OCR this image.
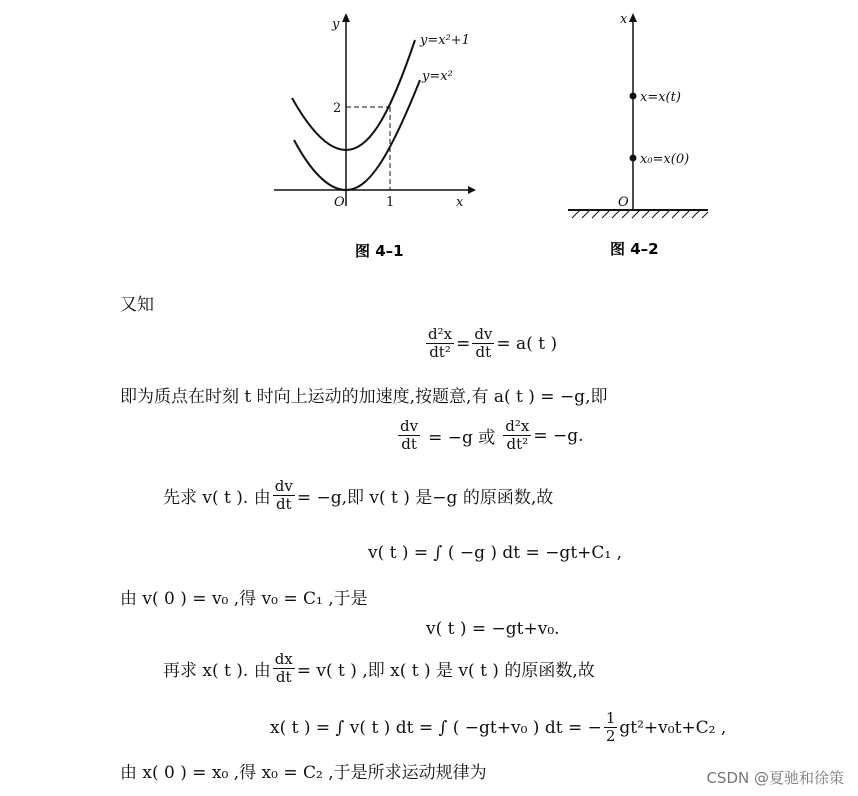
y
x
O
y=x²+1
y=x²
2
1
图 4–1
x
x=x(t)
x₀=x(0)
O
图 4–2
又知
$\frac{\text{d²x}}{\text{dt²}} = \frac{dv}{dt} = a$( t )
即为质点在时刻 t 时向上运动的加速度,按题意,有 a( t ) = −g,即
$\frac{dv}{dt} = -g$ 或 $\frac{\text{d²x}}{\text{dt²}} = -g$.
先求 v( t ). 由 $\frac{dv}{dt} = -g$,即 v( t ) 是−g 的原函数,故
v( t ) = ∫ ( −g ) dt = −gt+C₁ ,
由 v( 0 ) = v₀ ,得 v₀ = C₁ ,于是
v( t ) = −gt+v₀.
再求 x( t ). 由 $\frac{dx}{dt} = v$( t ) ,即 x( t ) 是 v( t ) 的原函数,故
x( t ) = ∫ v( t ) dt = ∫ ( −gt+v₀ ) dt = − $\frac{1}{2} gt^2+v_0t+C_2$ ,
由 x( 0 ) = x₀ ,得 x₀ = C₂ ,于是所求运动规律为	CSDN @夏驰和徐策
